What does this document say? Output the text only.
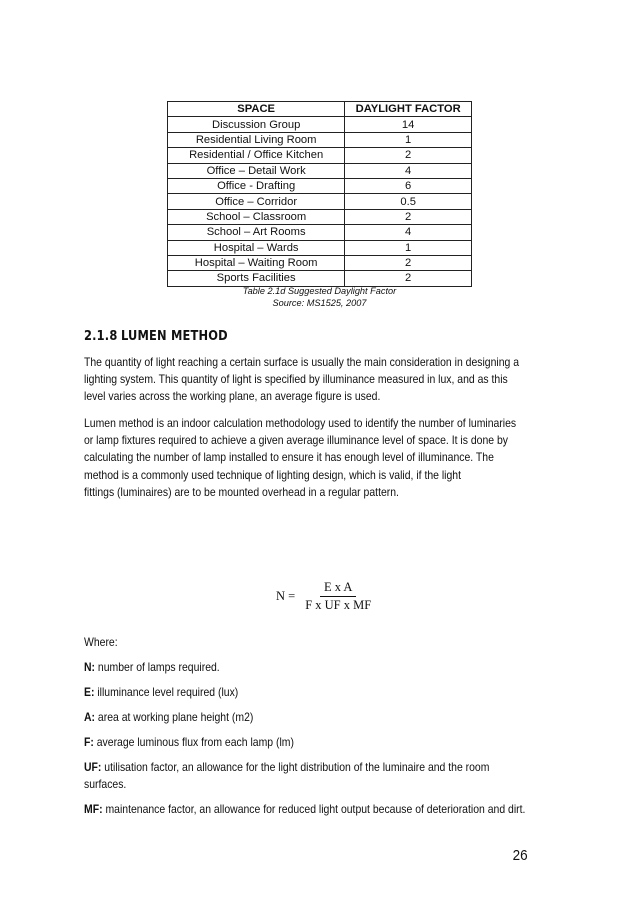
SPACE	DAYLIGHT FACTOR
Discussion Group	14
Residential Living Room	1
Residential / Office Kitchen	2
Office – Detail Work	4
Office - Drafting	6
Office – Corridor	0.5
School – Classroom	2
School – Art Rooms	4
Hospital – Wards	1
Hospital – Waiting Room	2
Sports Facilities	2
Table 2.1d Suggested Daylight Factor
Source: MS1525, 2007
2.1.8 LUMEN METHOD

The quantity of light reaching a certain surface is usually the main consideration in designing a
lighting system. This quantity of light is specified by illuminance measured in lux, and as this
level varies across the working plane, an average figure is used.

Lumen method is an indoor calculation methodology used to identify the number of luminaries
or lamp fixtures required to achieve a given average illuminance level of space. It is done by
calculating the number of lamp installed to ensure it has enough level of illuminance. The
method is a commonly used technique of lighting design, which is valid, if the light
fittings (luminaires) are to be mounted overhead in a regular pattern.

$N = \frac{\text{E x A}}{\text{F x UF x MF}}$
Where:
N: number of lamps required.
E: illuminance level required (lux)
A: area at working plane height (m2)
F: average luminous flux from each lamp (lm)
UF: utilisation factor, an allowance for the light distribution of the luminaire and the room
surfaces.
MF: maintenance factor, an allowance for reduced light output because of deterioration and dirt.
26
